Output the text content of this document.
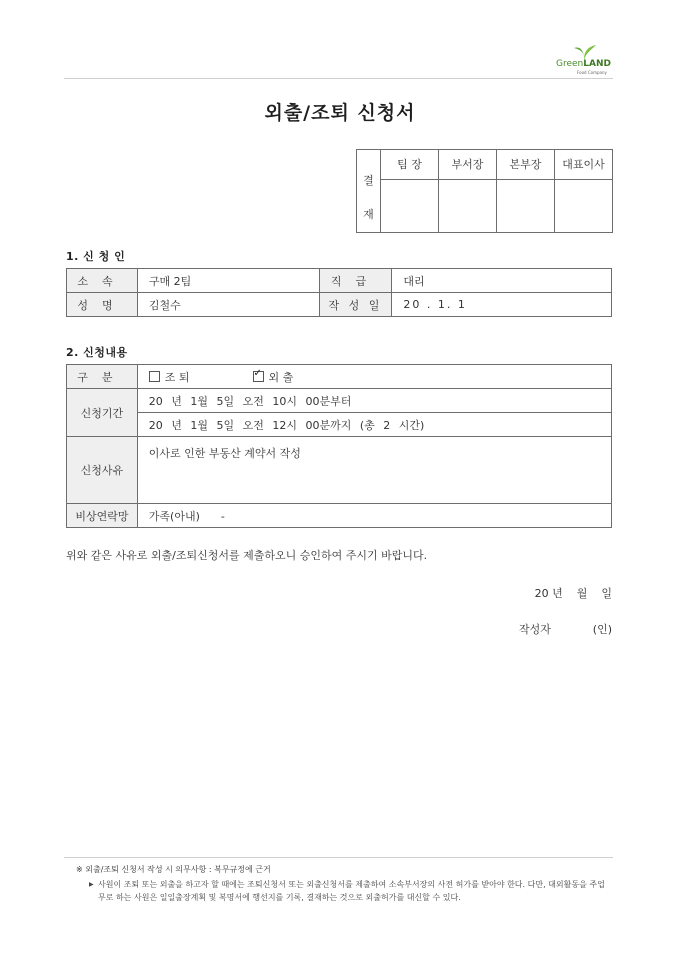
GreenLAND
Food Company
외출/조퇴 신청서
결
재	팀 장	부서장	본부장	대표이사

1. 신 청 인
소속	구매 2팀	직급	대리
성명	김철수	작 성 일	20 . 1. 1
2. 신청내용
구분	조 퇴 ✓ 외 출
신청기간	20 년 1월 5일 오전 10시 00분부터
	20 년 1월 5일 오전 12시 00분까지 (총 2 시간)
신청사유	이사로 인한 부동산 계약서 작성
비상연락망	가족(아내)      -
위와 같은 사유로 외출/조퇴신청서를 제출하오니 승인하여 주시기 바랍니다.
20 년    월    일
작성자            (인)
※ 외출/조퇴 신청서 작성 시 의무사항 : 복무규정에 근거
▶ 사원이 조퇴 또는 외출을 하고자 할 때에는 조퇴신청서 또는 외출신청서를 제출하여 소속부서장의 사전 허가를 받아야 한다. 다만, 대외활동을 주업무로 하는 사원은 일일출장계획 및 복명서에 행선지를 기록, 결재하는 것으로 외출허가를 대신할 수 있다.
